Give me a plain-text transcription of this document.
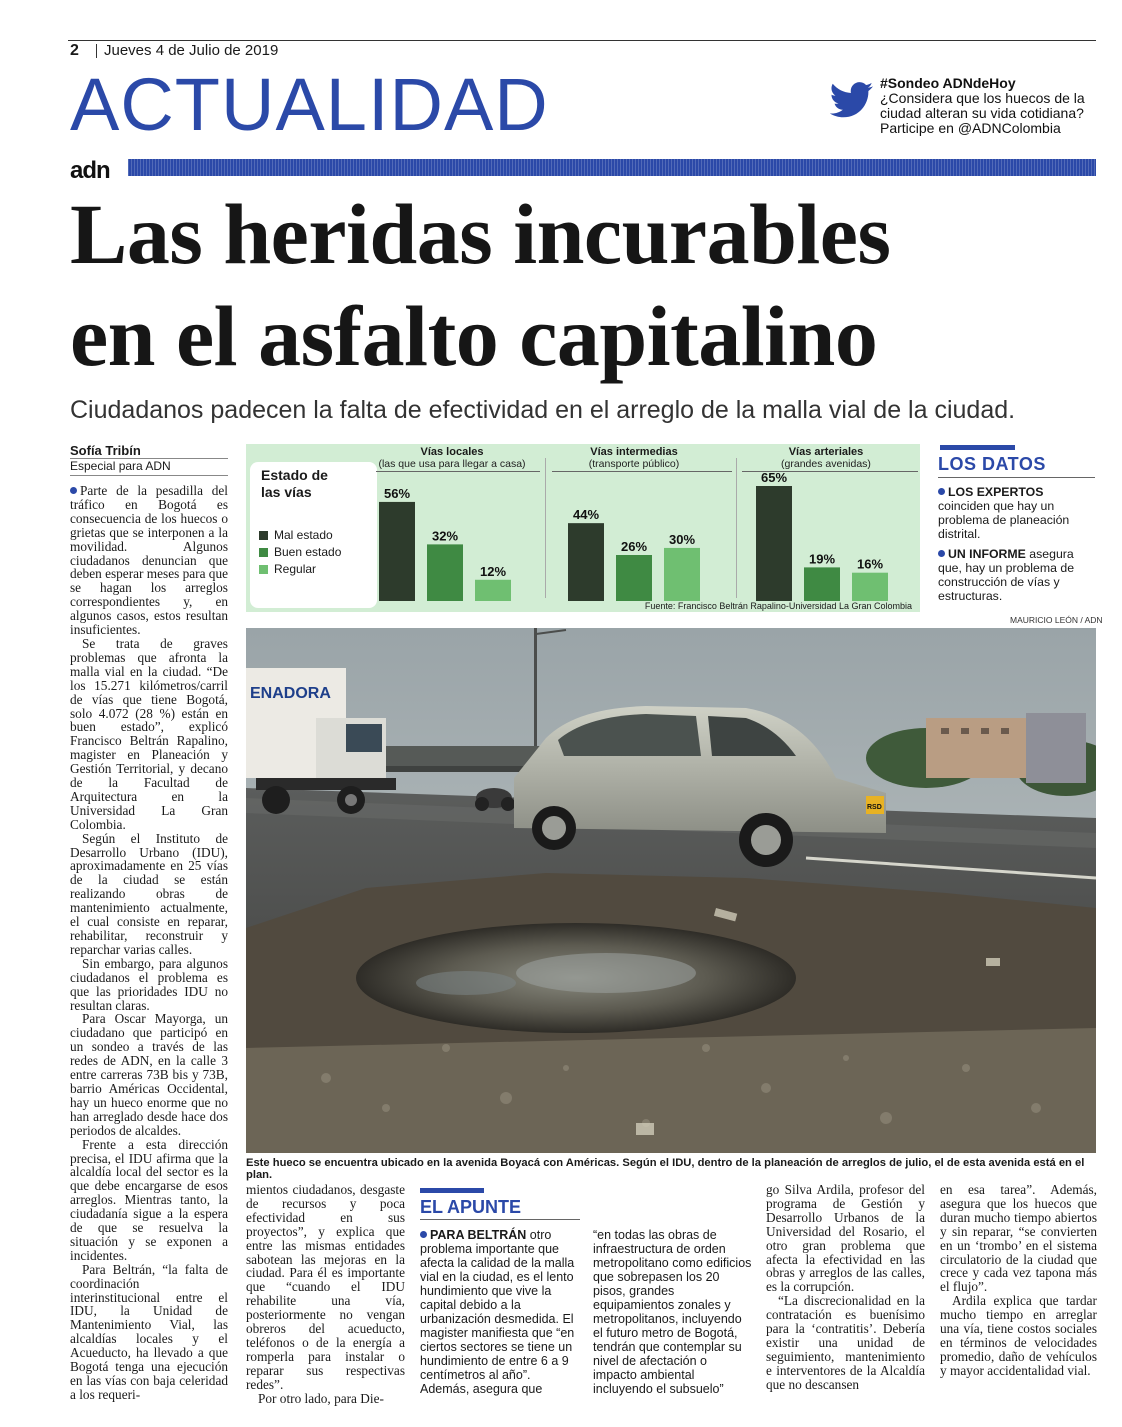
2 Jueves 4 de Julio de 2019
ACTUALIDAD	#Sondeo ADNdeHoy ¿Considera que los huecos de la ciudad alteran su vida cotidiana? Participe en @ADNColombia
adn
Las heridas incurables
en el asfalto capitalino
Ciudadanos padecen la falta de efectividad en el arreglo de la malla vial de la ciudad.
Sofía Tribín
Especial para ADN

Parte de la pesadilla del tráfico en Bogotá es consecuencia de los huecos o grietas que se interponen a la movilidad. Algunos ciudadanos denuncian que deben esperar meses para que se hagan los arreglos correspondientes y, en algunos casos, estos resultan insuficientes.

Se trata de graves problemas que afronta la malla vial en la ciudad. “De los 15.271 kilómetros/carril de vías que tiene Bogotá, solo 4.072 (28 %) están en buen estado”, explicó Francisco Beltrán Rapalino, magister en Planeación y Gestión Territorial, y decano de la Facultad de Arquitectura en la Universidad La Gran Colombia.

Según el Instituto de Desarrollo Urbano (IDU), aproximadamente en 25 vías de la ciudad se están realizando obras de mantenimiento actualmente, el cual consiste en reparar, rehabilitar, reconstruir y reparchar varias calles.

Sin embargo, para algunos ciudadanos el problema es que las prioridades IDU no resultan claras.

Para Oscar Mayorga, un ciudadano que participó en un sondeo a través de las redes de ADN, en la calle 3 entre carreras 73B bis y 73B, barrio Américas Occidental, hay un hueco enorme que no han arreglado desde hace dos periodos de alcaldes.

Frente a esta dirección precisa, el IDU afirma que la alcaldía local del sector es la que debe encargarse de esos arreglos. Mientras tanto, la ciudadanía sigue a la espera de que se resuelva la situación y se exponen a incidentes.

Para Beltrán, “la falta de coordinación interinstitucional entre el IDU, la Unidad de Mantenimiento Vial, las alcaldías locales y el Acueducto, ha llevado a que Bogotá tenga una ejecución en las vías con baja celeridad a los requeri-

Estado de las vías
Mal estado
Buen estado
Regular
Vías locales
(las que usa para llegar a casa)
Vías intermedias
(transporte público)
Vías arteriales
(grandes avenidas)
56%
32%
12%
44%
26% 30%
65%
19% 16%
Fuente: Francisco Beltrán Rapalino-Universidad La Gran Colombia
LOS DATOS
LOS EXPERTOS coinciden que hay un problema de planeación distrital.
UN INFORME asegura que, hay un problema de construcción de vías y estructuras.
MAURICIO LEÓN / ADN
ENADORA
RSD
Este hueco se encuentra ubicado en la avenida Boyacá con Américas. Según el IDU, dentro de la planeación de arreglos de julio, el de esta avenida está en el plan.

mientos ciudadanos, desgaste de recursos y poca efectividad en sus proyectos”, y explica que entre las mismas entidades sabotean las mejoras en la ciudad. Para él es importante que “cuando el IDU rehabilite una vía, posteriormente no vengan obreros del acueducto, teléfonos o de la energía a romperla para instalar o reparar sus respectivas redes”.

Por otro lado, para Die-

EL APUNTE
PARA BELTRÁN otro problema importante que afecta la calidad de la malla vial en la ciudad, es el lento hundimiento que vive la capital debido a la urbanización desmedida. El magister manifiesta que “en ciertos sectores se tiene un hundimiento de entre 6 a 9 centímetros al año”. Además, asegura que
“en todas las obras de infraestructura de orden metropolitano como edificios que sobrepasen los 20 pisos, grandes equipamientos zonales y metropolitanos, incluyendo el futuro metro de Bogotá, tendrán que contemplar su nivel de afectación o impacto ambiental incluyendo el subsuelo”

go Silva Ardila, profesor del programa de Gestión y Desarrollo Urbanos de la Universidad del Rosario, el otro gran problema que afecta la efectividad en las obras y arreglos de las calles, es la corrupción.

“La discrecionalidad en la contratación es buenísimo para la ‘contratitis’. Debería existir una unidad de seguimiento, mantenimiento e interventores de la Alcaldía que no descansen

en esa tarea”. Además, asegura que los huecos que duran mucho tiempo abiertos y sin reparar, “se convierten en un ‘trombo’ en el sistema circulatorio de la ciudad que crece y cada vez tapona más el flujo”.

Ardila explica que tardar mucho tiempo en arreglar una vía, tiene costos sociales en términos de velocidades promedio, daño de vehículos y mayor accidentalidad vial.
